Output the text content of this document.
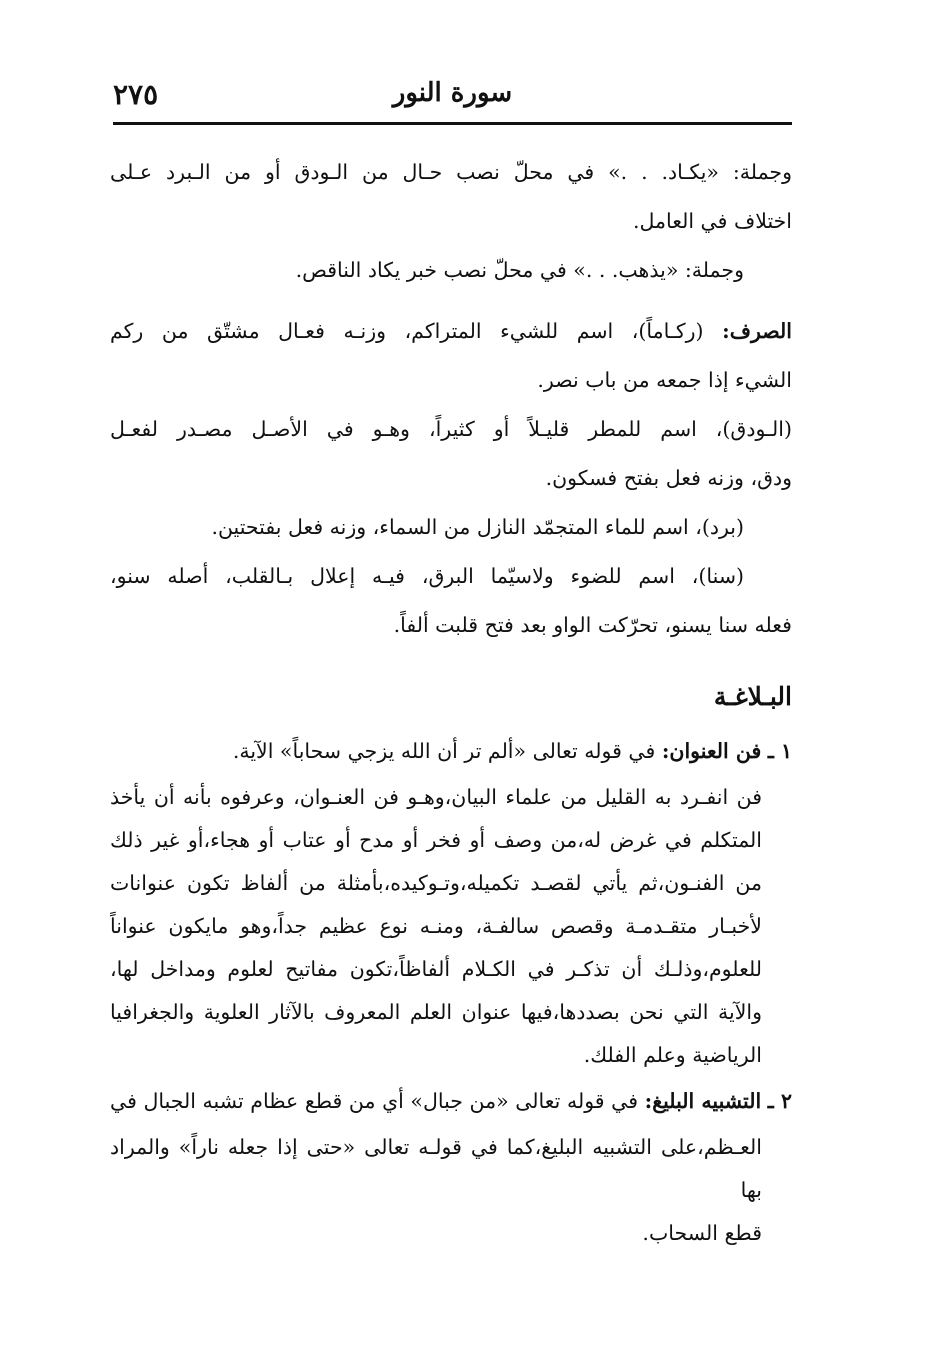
٢٧٥	سورة النور

وجملة: «يكـاد. . .» في محلّ نصب حـال من الـودق أو من الـبرد عـلى

اختلاف في العامل.

وجملة: «يذهب. . .» في محلّ نصب خبر يكاد الناقص.

الصرف: (ركـاماً)، اسم للشيء المتراكم، وزنـه فعـال مشتّق من ركم

الشيء إذا جمعه من باب نصر.

(الـودق)، اسم للمطر قليـلاً أو كثيراً، وهـو في الأصـل مصـدر لفعـل

ودق، وزنه فعل بفتح فسكون.

(برد)، اسم للماء المتجمّد النازل من السماء، وزنه فعل بفتحتين.

(سنا)، اسم للضوء ولاسيّما البرق، فيـه إعلال بـالقلب، أصله سنو،

فعله سنا يسنو، تحرّكت الواو بعد فتح قلبت ألفاً.

البـلاغـة

١ ـ فن العنوان: في قوله تعالى «ألم تر أن الله يزجي سحاباً» الآية.

فن انفـرد به القليل من علماء البيان،وهـو فن العنـوان، وعرفوه بأنه أن يأخذ

المتكلم في غرض له،من وصف أو فخر أو مدح أو عتاب أو هجاء،أو غير ذلك

من الفنـون،ثم يأتي لقصـد تكميله،وتـوكيده،بأمثلة من ألفاظ تكون عنوانات

لأخبـار متقـدمـة وقصص سالفـة، ومنـه نوع عظيم جداً،وهو مايكون عنواناً

للعلوم،وذلـك أن تذكـر في الكـلام ألفاظاً،تكون مفاتيح لعلوم ومداخل لها،

والآية التي نحن بصددها،فيها عنوان العلم المعروف بالآثار العلوية والجغرافيا

الرياضية وعلم الفلك.

٢ ـ التشبيه البليغ: في قوله تعالى «من جبال» أي من قطع عظام تشبه الجبال في

العـظم،على التشبيه البليغ،كما في قولـه تعالى «حتى إذا جعله ناراً» والمراد بها

قطع السحاب.
